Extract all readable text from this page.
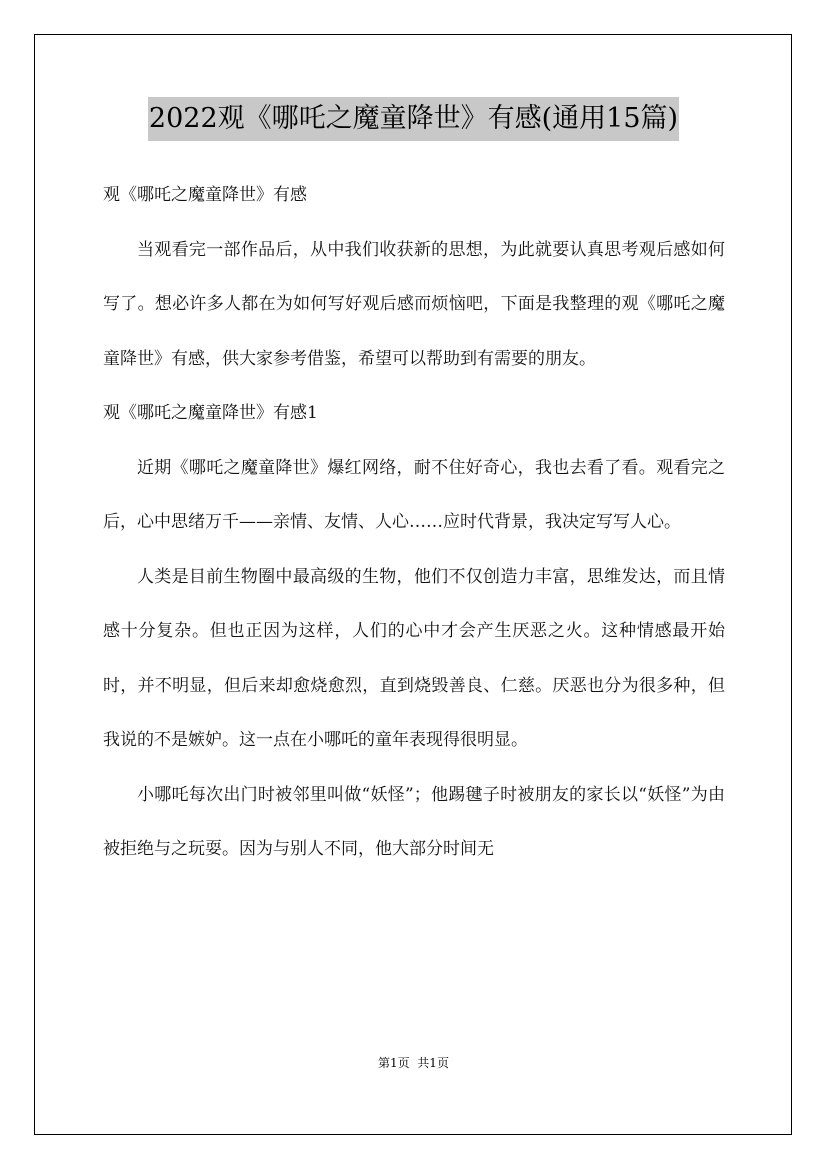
2022观《哪吒之魔童降世》有感(通用15篇)

观《哪吒之魔童降世》有感

当观看完一部作品后，从中我们收获新的思想，为此就要认真思考观后感如何写了。想必许多人都在为如何写好观后感而烦恼吧，下面是我整理的观《哪吒之魔童降世》有感，供大家参考借鉴，希望可以帮助到有需要的朋友。

观《哪吒之魔童降世》有感1

近期《哪吒之魔童降世》爆红网络，耐不住好奇心，我也去看了看。观看完之后，心中思绪万千——亲情、友情、人心……应时代背景，我决定写写人心。

人类是目前生物圈中最高级的生物，他们不仅创造力丰富，思维发达，而且情感十分复杂。但也正因为这样，人们的心中才会产生厌恶之火。这种情感最开始时，并不明显，但后来却愈烧愈烈，直到烧毁善良、仁慈。厌恶也分为很多种，但我说的不是嫉妒。这一点在小哪吒的童年表现得很明显。

小哪吒每次出门时被邻里叫做“妖怪”；他踢毽子时被朋友的家长以“妖怪”为由被拒绝与之玩耍。因为与别人不同，他大部分时间无

第1页  共1页
